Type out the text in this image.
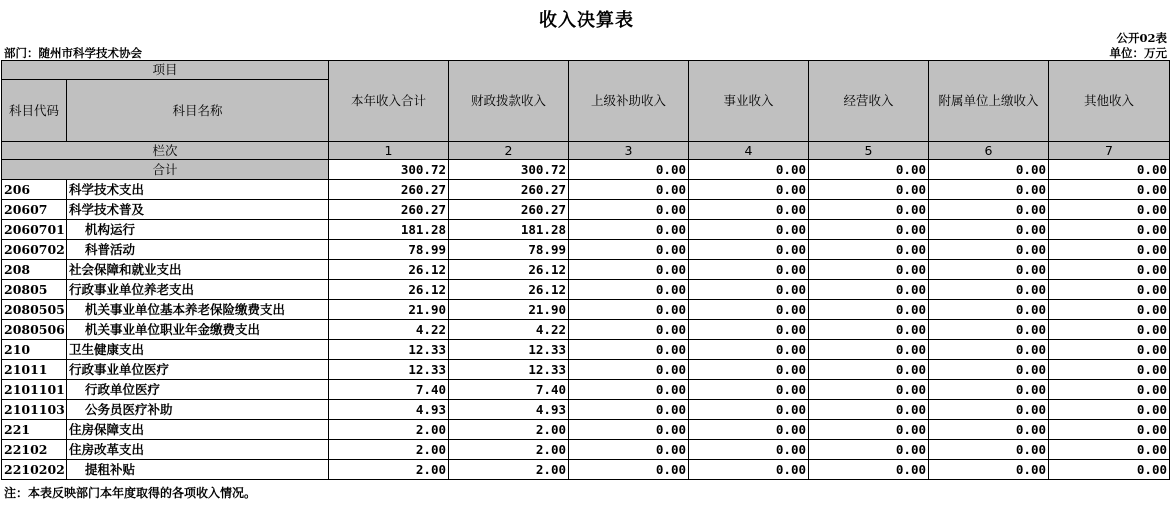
收入决算表
公开02表
部门：随州市科学技术协会	单位：万元
项目		本年收入合计	财政拨款收入	上级补助收入	事业收入	经营收入	附属单位上缴收入	其他收入
科目代码	科目名称							
栏次		1	2	3	4	5	6	7
合计		300.72	300.72	0.00	0.00	0.00	0.00	0.00
206	科学技术支出	260.27	260.27	0.00	0.00	0.00	0.00	0.00
20607	科学技术普及	260.27	260.27	0.00	0.00	0.00	0.00	0.00
2060701	机构运行	181.28	181.28	0.00	0.00	0.00	0.00	0.00
2060702	科普活动	78.99	78.99	0.00	0.00	0.00	0.00	0.00
208	社会保障和就业支出	26.12	26.12	0.00	0.00	0.00	0.00	0.00
20805	行政事业单位养老支出	26.12	26.12	0.00	0.00	0.00	0.00	0.00
2080505	机关事业单位基本养老保险缴费支出	21.90	21.90	0.00	0.00	0.00	0.00	0.00
2080506	机关事业单位职业年金缴费支出	4.22	4.22	0.00	0.00	0.00	0.00	0.00
210	卫生健康支出	12.33	12.33	0.00	0.00	0.00	0.00	0.00
21011	行政事业单位医疗	12.33	12.33	0.00	0.00	0.00	0.00	0.00
2101101	行政单位医疗	7.40	7.40	0.00	0.00	0.00	0.00	0.00
2101103	公务员医疗补助	4.93	4.93	0.00	0.00	0.00	0.00	0.00
221	住房保障支出	2.00	2.00	0.00	0.00	0.00	0.00	0.00
22102	住房改革支出	2.00	2.00	0.00	0.00	0.00	0.00	0.00
2210202	提租补贴	2.00	2.00	0.00	0.00	0.00	0.00	0.00
注：本表反映部门本年度取得的各项收入情况。
